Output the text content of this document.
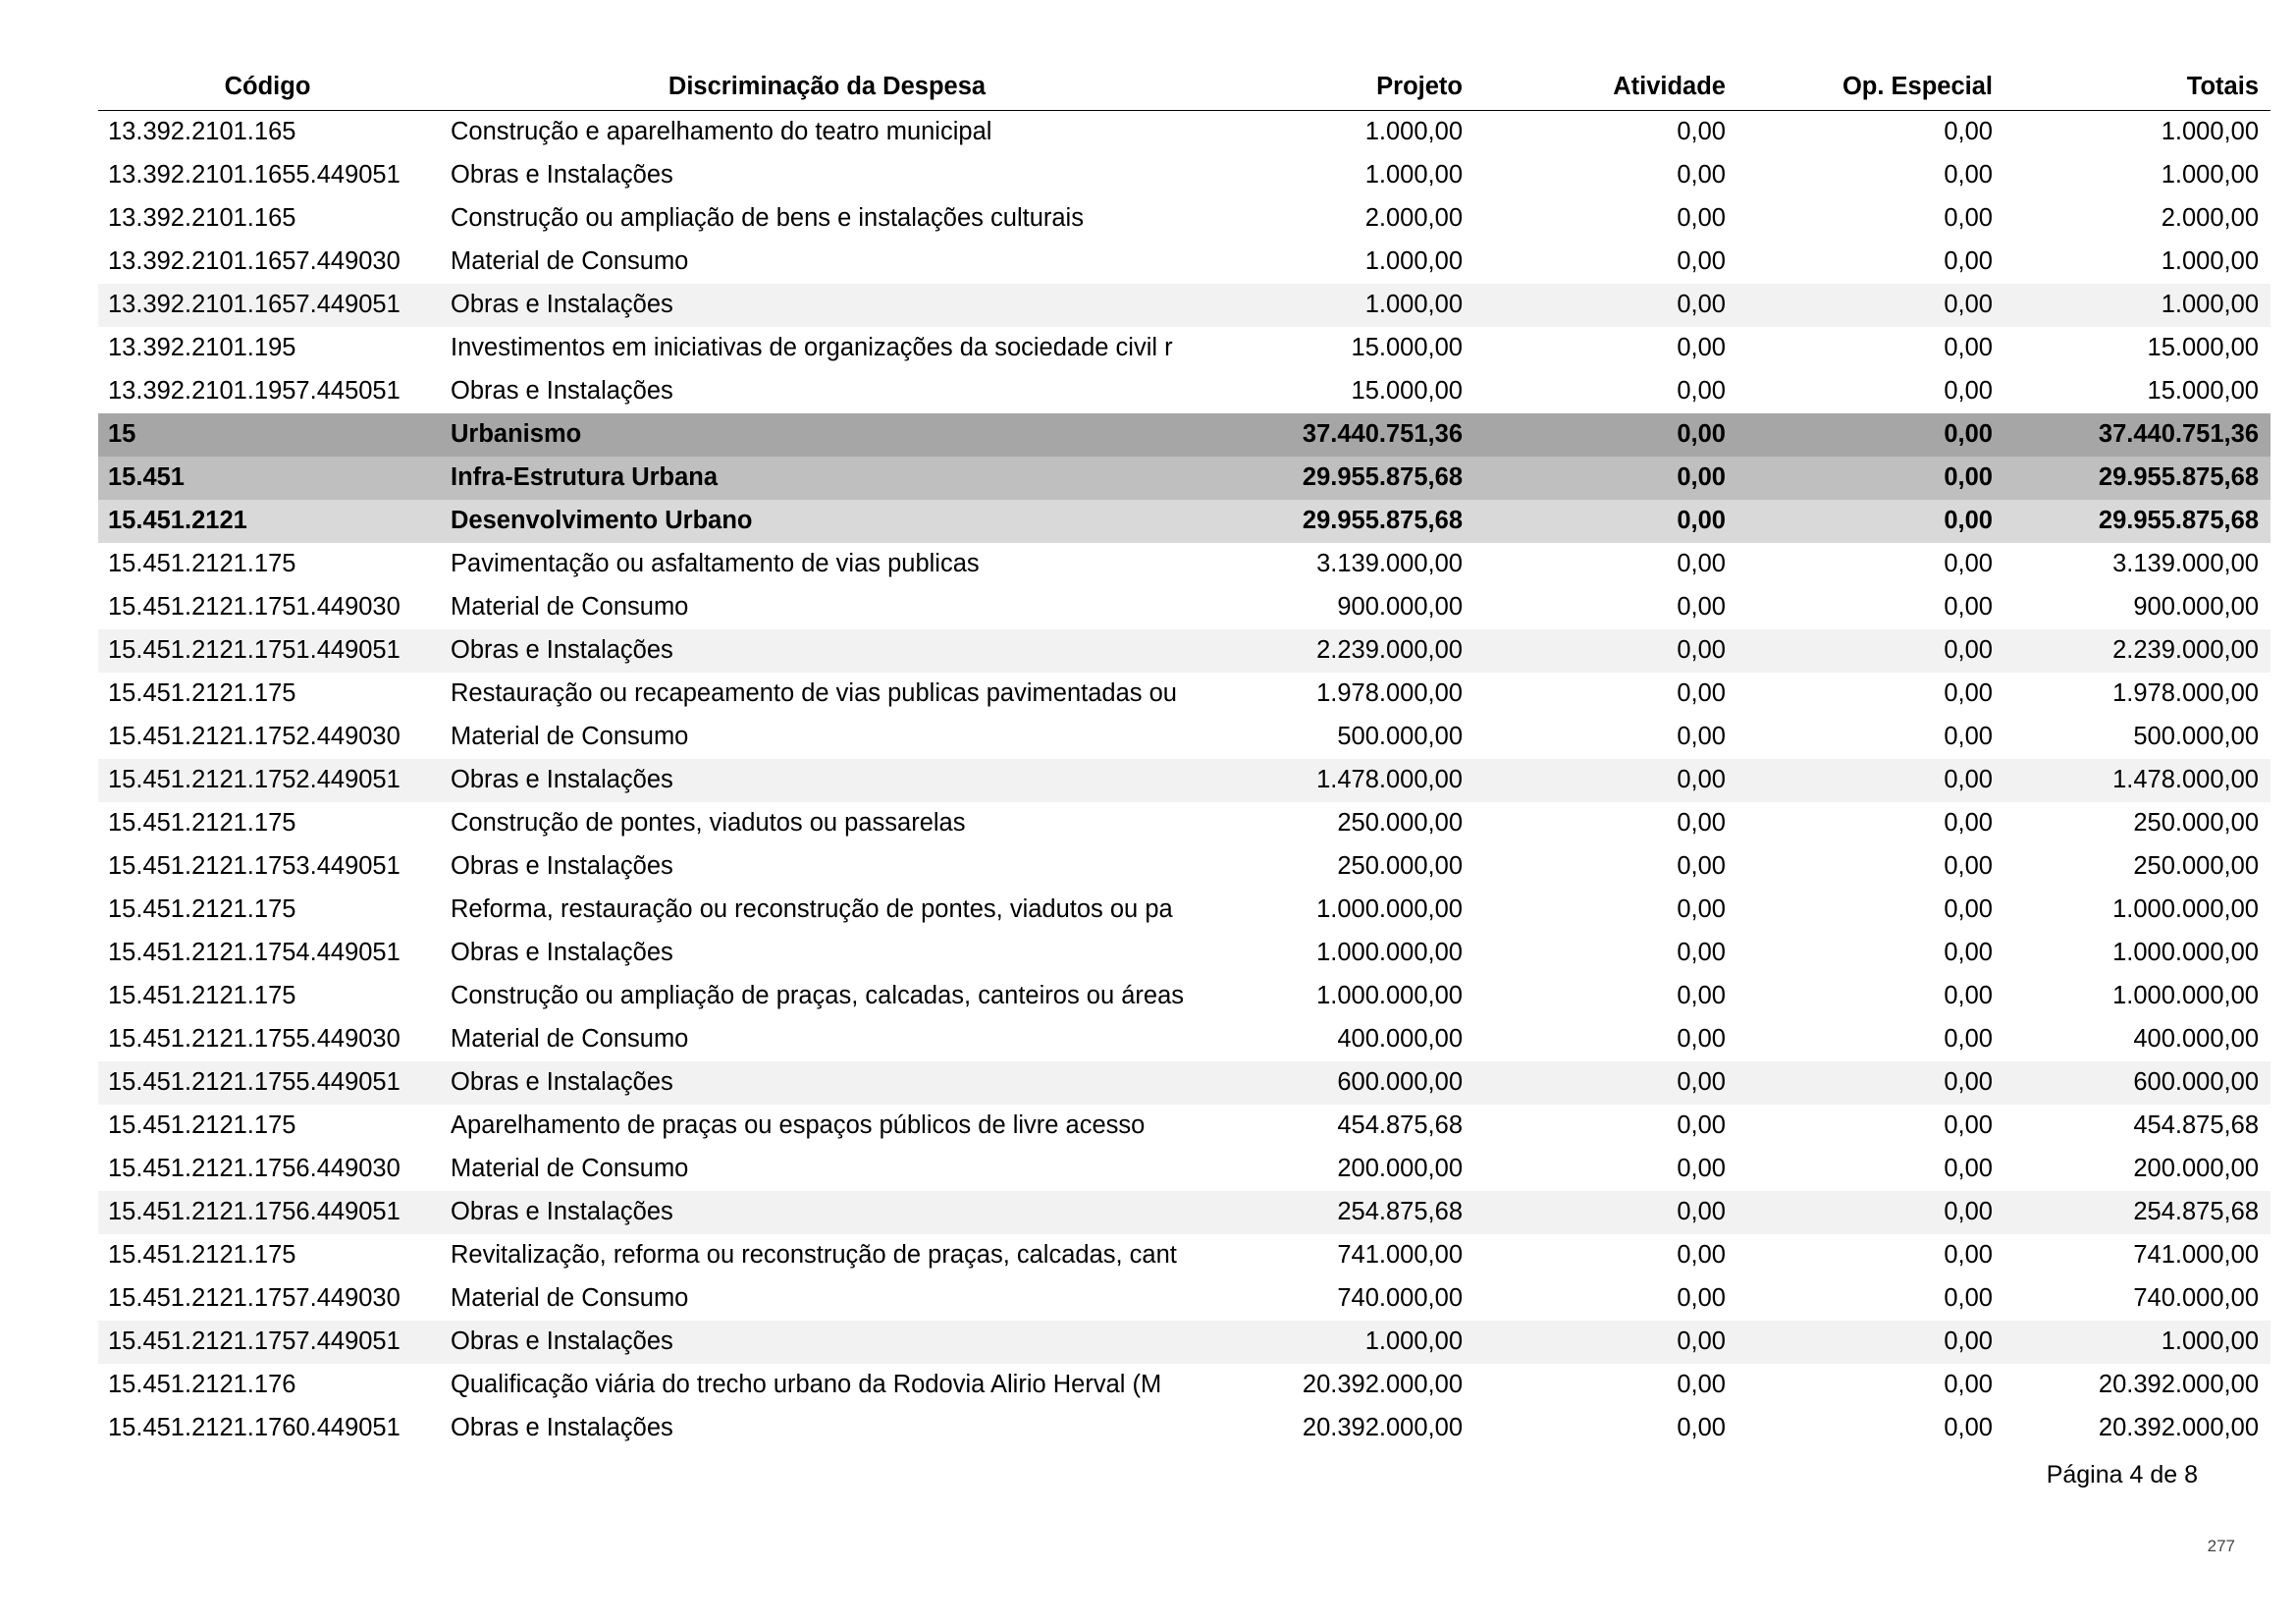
Código	Discriminação da Despesa	Projeto	Atividade	Op. Especial	Totais
13.392.2101.165	Construção e aparelhamento do teatro municipal	1.000,00	0,00	0,00	1.000,00
13.392.2101.1655.449051	Obras e Instalações	1.000,00	0,00	0,00	1.000,00
13.392.2101.165	Construção ou ampliação de bens e instalações culturais	2.000,00	0,00	0,00	2.000,00
13.392.2101.1657.449030	Material de Consumo	1.000,00	0,00	0,00	1.000,00
13.392.2101.1657.449051	Obras e Instalações	1.000,00	0,00	0,00	1.000,00
13.392.2101.195	Investimentos em iniciativas de organizações da sociedade civil r	15.000,00	0,00	0,00	15.000,00
13.392.2101.1957.445051	Obras e Instalações	15.000,00	0,00	0,00	15.000,00
15	Urbanismo	37.440.751,36	0,00	0,00	37.440.751,36
15.451	Infra-Estrutura Urbana	29.955.875,68	0,00	0,00	29.955.875,68
15.451.2121	Desenvolvimento Urbano	29.955.875,68	0,00	0,00	29.955.875,68
15.451.2121.175	Pavimentação ou asfaltamento de vias publicas	3.139.000,00	0,00	0,00	3.139.000,00
15.451.2121.1751.449030	Material de Consumo	900.000,00	0,00	0,00	900.000,00
15.451.2121.1751.449051	Obras e Instalações	2.239.000,00	0,00	0,00	2.239.000,00
15.451.2121.175	Restauração ou recapeamento de vias publicas pavimentadas ou	1.978.000,00	0,00	0,00	1.978.000,00
15.451.2121.1752.449030	Material de Consumo	500.000,00	0,00	0,00	500.000,00
15.451.2121.1752.449051	Obras e Instalações	1.478.000,00	0,00	0,00	1.478.000,00
15.451.2121.175	Construção de pontes, viadutos ou passarelas	250.000,00	0,00	0,00	250.000,00
15.451.2121.1753.449051	Obras e Instalações	250.000,00	0,00	0,00	250.000,00
15.451.2121.175	Reforma, restauração ou reconstrução de pontes, viadutos ou pa	1.000.000,00	0,00	0,00	1.000.000,00
15.451.2121.1754.449051	Obras e Instalações	1.000.000,00	0,00	0,00	1.000.000,00
15.451.2121.175	Construção ou ampliação de praças, calcadas, canteiros ou áreas	1.000.000,00	0,00	0,00	1.000.000,00
15.451.2121.1755.449030	Material de Consumo	400.000,00	0,00	0,00	400.000,00
15.451.2121.1755.449051	Obras e Instalações	600.000,00	0,00	0,00	600.000,00
15.451.2121.175	Aparelhamento de praças ou espaços públicos de livre acesso	454.875,68	0,00	0,00	454.875,68
15.451.2121.1756.449030	Material de Consumo	200.000,00	0,00	0,00	200.000,00
15.451.2121.1756.449051	Obras e Instalações	254.875,68	0,00	0,00	254.875,68
15.451.2121.175	Revitalização, reforma ou reconstrução de praças, calcadas, cant	741.000,00	0,00	0,00	741.000,00
15.451.2121.1757.449030	Material de Consumo	740.000,00	0,00	0,00	740.000,00
15.451.2121.1757.449051	Obras e Instalações	1.000,00	0,00	0,00	1.000,00
15.451.2121.176	Qualificação viária do trecho urbano da Rodovia Alirio Herval (M	20.392.000,00	0,00	0,00	20.392.000,00
15.451.2121.1760.449051	Obras e Instalações	20.392.000,00	0,00	0,00	20.392.000,00
Página 4 de 8
277
